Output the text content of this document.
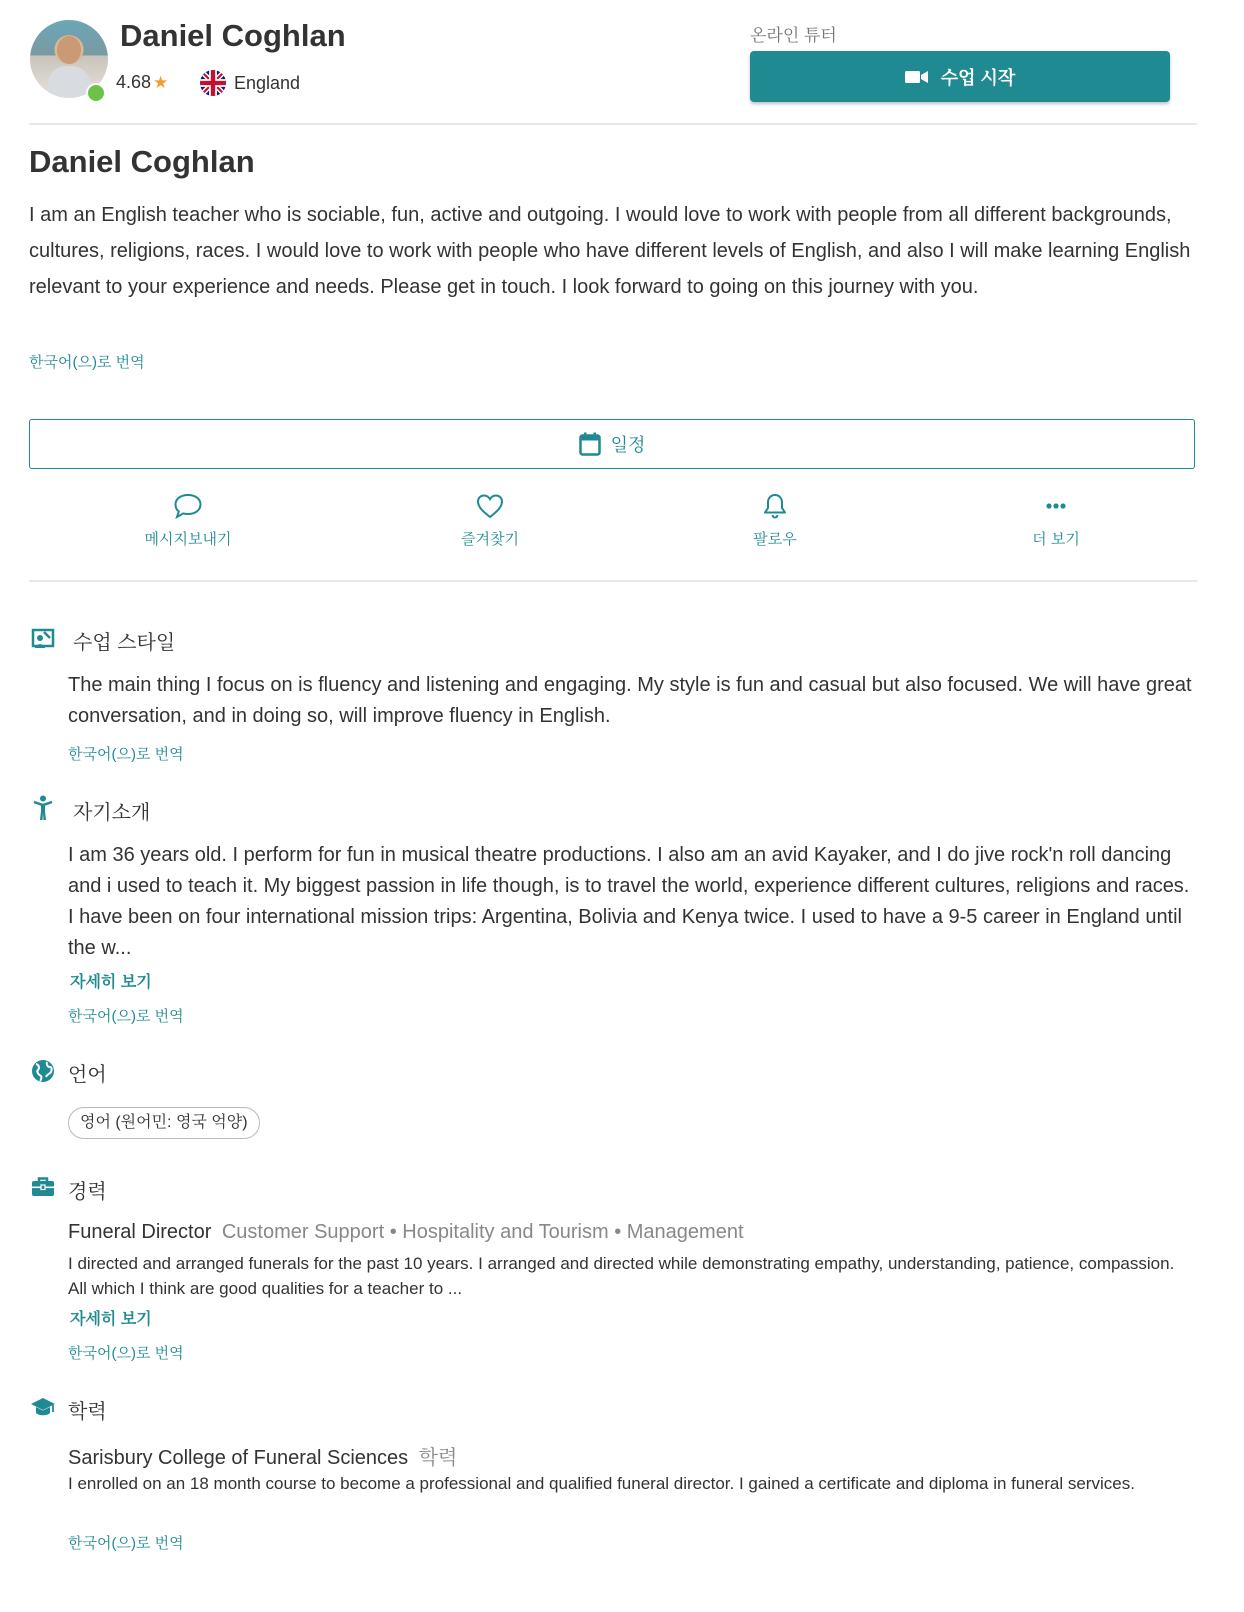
Daniel Coghlan
4.68 ★	England
온라인 튜터
수업 시작
Daniel Coghlan

I am an English teacher who is sociable, fun, active and outgoing. I would love to work with people from all different backgrounds, cultures, religions, races. I would love to work with people who have different levels of English, and also I will make learning English relevant to your experience and needs. Please get in touch. I look forward to going on this journey with you.

한국어(으)로 번역
일정
메시지보내기	즐겨찾기	팔로우	더 보기
수업 스타일

The main thing I focus on is fluency and listening and engaging. My style is fun and casual but also focused. We will have great conversation, and in doing so, will improve fluency in English.

한국어(으)로 번역
자기소개

I am 36 years old. I perform for fun in musical theatre productions. I also am an avid Kayaker, and I do jive rock'n roll dancing and i used to teach it. My biggest passion in life though, is to travel the world, experience different cultures, religions and races. I have been on four international mission trips: Argentina, Bolivia and Kenya twice. I used to have a 9-5 career in England until the w...

자세히 보기
한국어(으)로 번역
언어
영어 (원어민: 영국 억양)
경력
Funeral Director Customer Support • Hospitality and Tourism • Management

I directed and arranged funerals for the past 10 years. I arranged and directed while demonstrating empathy, understanding, patience, compassion. All which I think are good qualities for a teacher to ...

자세히 보기
한국어(으)로 번역
학력
Sarisbury College of Funeral Sciences 학력

I enrolled on an 18 month course to become a professional and qualified funeral director. I gained a certificate and diploma in funeral services.

한국어(으)로 번역
